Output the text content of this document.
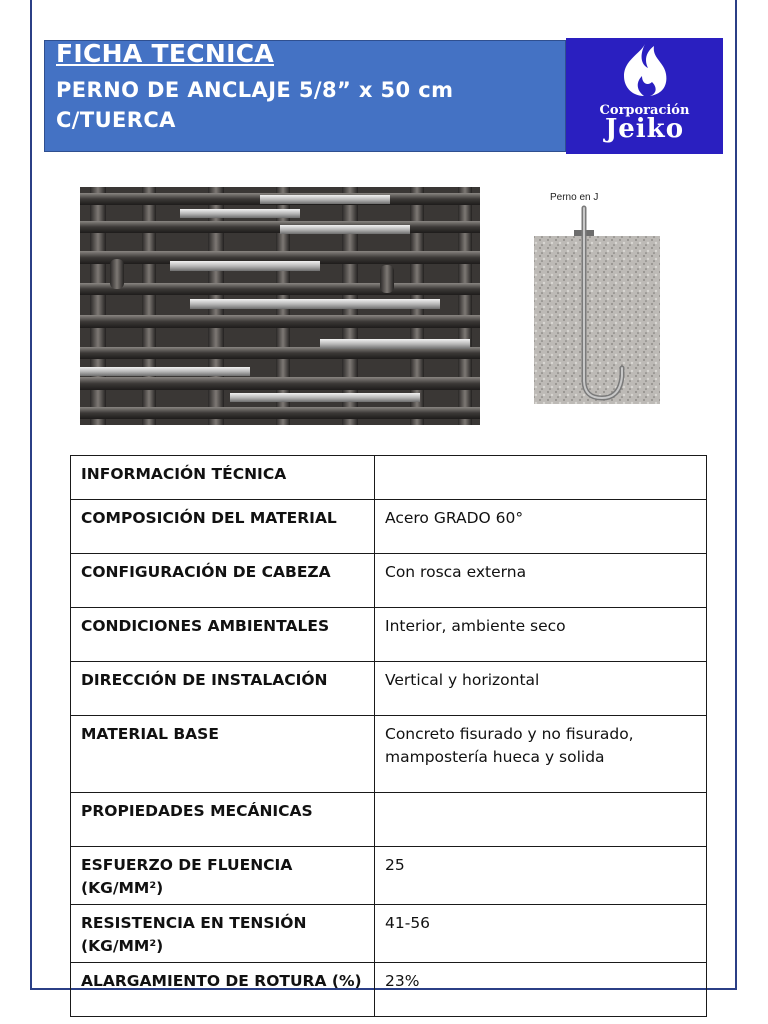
FICHA TECNICA
PERNO DE ANCLAJE 5/8” x 50 cm C/TUERCA	Corporación
Jeiko
Perno en J
INFORMACIÓN TÉCNICA	
COMPOSICIÓN DEL MATERIAL	Acero GRADO 60°
CONFIGURACIÓN DE CABEZA	Con rosca externa
CONDICIONES AMBIENTALES	Interior, ambiente seco
DIRECCIÓN DE INSTALACIÓN	Vertical y horizontal
MATERIAL BASE	Concreto fisurado y no fisurado, mampostería hueca y solida
PROPIEDADES MECÁNICAS	
ESFUERZO DE FLUENCIA (KG/MM²)	25
RESISTENCIA EN TENSIÓN (KG/MM²)	41-56
ALARGAMIENTO DE ROTURA (%)	23%
